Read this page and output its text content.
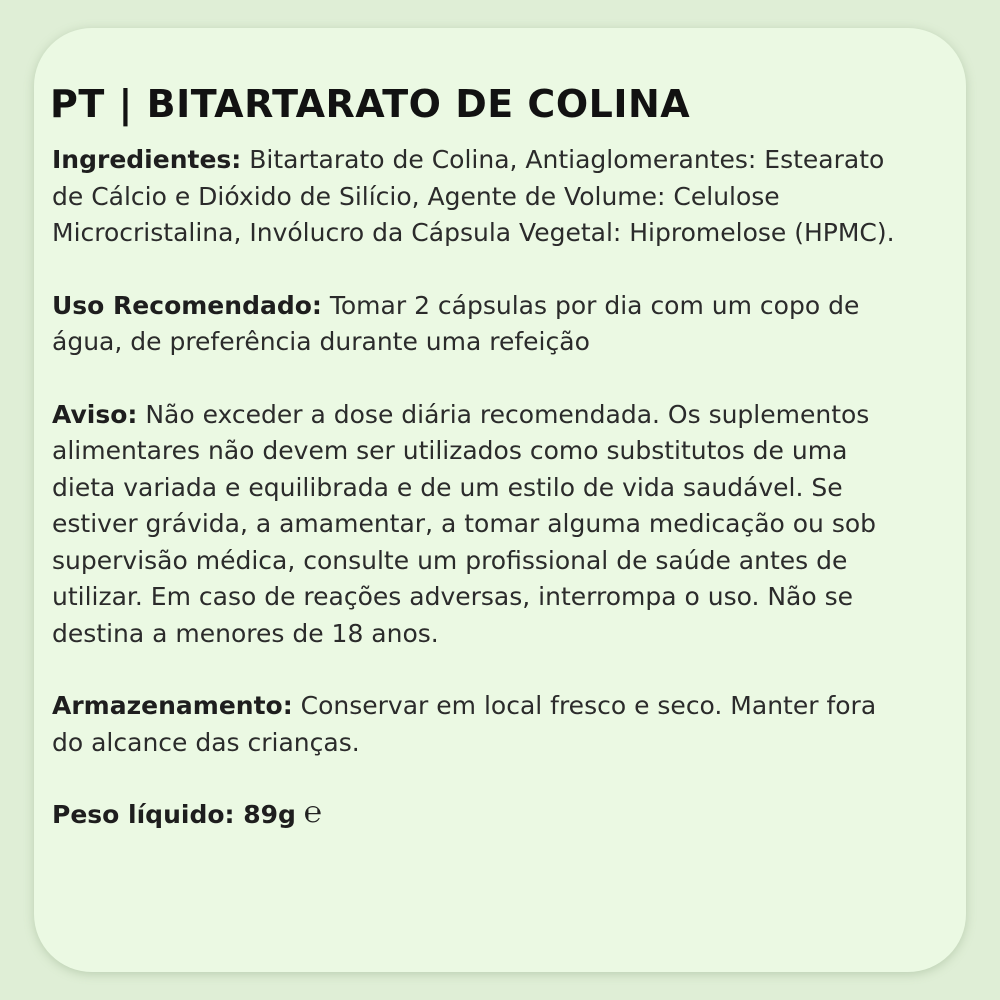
PT | BITARTARATO DE COLINA

Ingredientes: Bitartarato de Colina, Antiaglomerantes: Estearato de Cálcio e Dióxido de Silício, Agente de Volume: Celulose Microcristalina, Invólucro da Cápsula Vegetal: Hipromelose (HPMC).

Uso Recomendado: Tomar 2 cápsulas por dia com um copo de água, de preferência durante uma refeição

Aviso: Não exceder a dose diária recomendada. Os suplementos alimentares não devem ser utilizados como substitutos de uma dieta variada e equilibrada e de um estilo de vida saudável. Se estiver grávida, a amamentar, a tomar alguma medicação ou sob supervisão médica, consulte um profissional de saúde antes de utilizar. Em caso de reações adversas, interrompa o uso. Não se destina a menores de 18 anos.

Armazenamento: Conservar em local fresco e seco. Manter fora do alcance das crianças.

Peso líquido: 89g ℮
